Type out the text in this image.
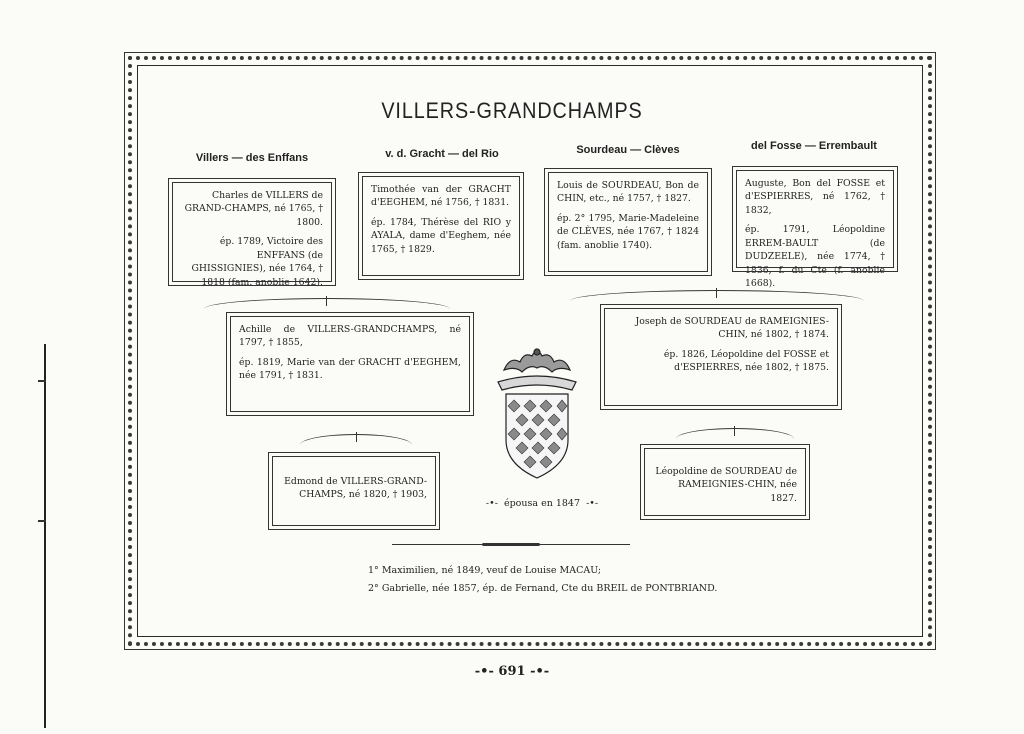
VILLERS-GRANDCHAMPS
Villers — des Enffans	v. d. Gracht — del Rio	Sourdeau — Clèves	del Fosse — Errembault

Charles de VILLERS de GRAND-CHAMPS, né 1765, † 1800.

ép. 1789, Victoire des ENFFANS (de GHISSIGNIES), née 1764, † 1818 (fam. anoblie 1642).

Timothée van der GRACHT d'EEGHEM, né 1756, † 1831.

ép. 1784, Thérèse del RIO y AYALA, dame d'Eeghem, née 1765, † 1829.

Louis de SOURDEAU, Bon de CHIN, etc., né 1757, † 1827.

ép. 2° 1795, Marie-Madeleine de CLÈVES, née 1767, † 1824 (fam. anoblie 1740).

Auguste, Bon del FOSSE et d'ESPIERRES, né 1762, † 1832,

ép. 1791, Léopoldine ERREM-BAULT (de DUDZEELE), née 1774, † 1836, f. du Cte (f. anoblie 1668).

Achille de VILLERS-GRANDCHAMPS, né 1797, † 1855,

ép. 1819, Marie van der GRACHT d'EEGHEM, née 1791, † 1831.

Joseph de SOURDEAU de RAMEIGNIES-CHIN, né 1802, † 1874.

ép. 1826, Léopoldine del FOSSE et d'ESPIERRES, née 1802, † 1875.

Edmond de VILLERS-GRAND-CHAMPS, né 1820, † 1903,

Léopoldine de SOURDEAU de RAMEIGNIES-CHIN, née 1827.

-•- épousa en 1847 -•-
1° Maximilien, né 1849, veuf de Louise MACAU;
2° Gabrielle, née 1857, ép. de Fernand, Cte du BREIL de PONTBRIAND.
-•- 691 -•-
